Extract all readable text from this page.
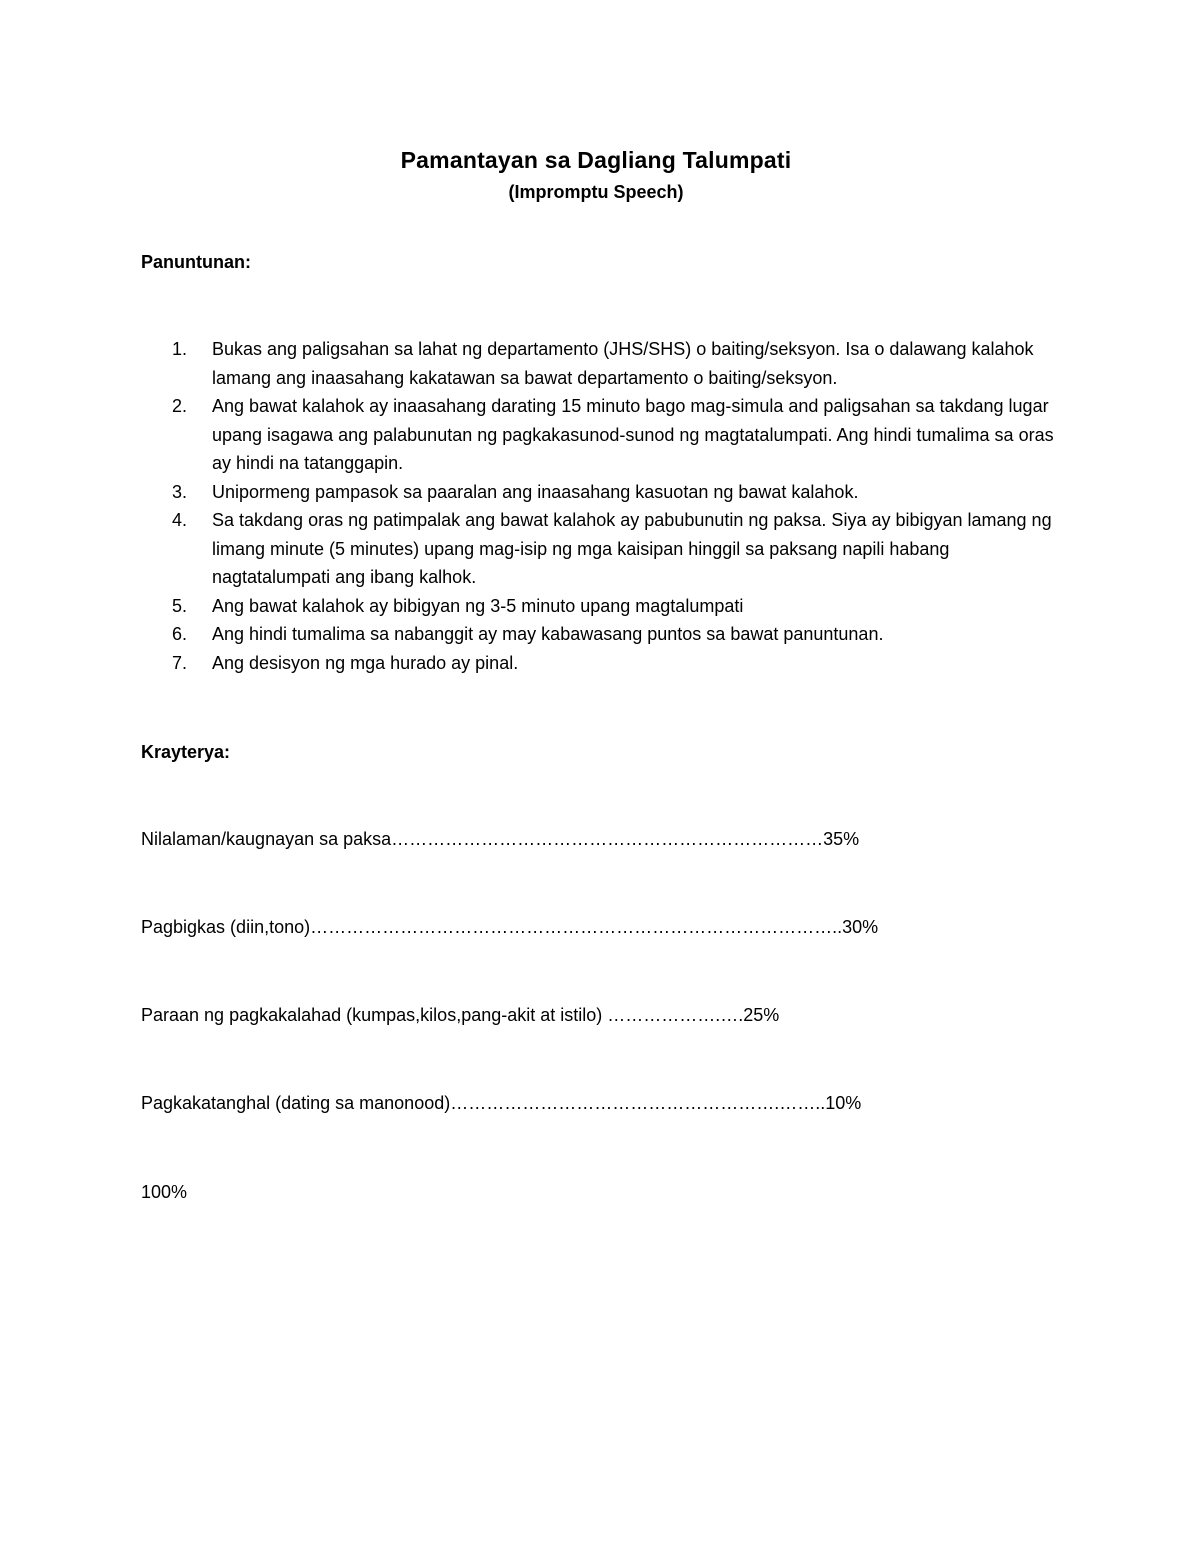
Pamantayan sa Dagliang Talumpati
(Impromptu Speech)
Panuntunan:
1. Bukas ang paligsahan sa lahat ng departamento (JHS/SHS) o baiting/seksyon. Isa o dalawang kalahok lamang ang inaasahang kakatawan sa bawat departamento o baiting/seksyon.
2. Ang bawat kalahok ay inaasahang darating 15 minuto bago mag-simula and paligsahan sa takdang lugar upang isagawa ang palabunutan ng pagkakasunod-sunod ng magtatalumpati. Ang hindi tumalima sa oras ay hindi na tatanggapin.
3. Unipormeng pampasok sa paaralan ang inaasahang kasuotan ng bawat kalahok.
4. Sa takdang oras ng patimpalak ang bawat kalahok ay pabubunutin ng paksa. Siya ay bibigyan lamang ng limang minute (5 minutes) upang mag-isip ng mga kaisipan hinggil sa paksang napili habang nagtatalumpati ang ibang kalhok.
5. Ang bawat kalahok ay bibigyan ng 3-5 minuto upang magtalumpati
6. Ang hindi tumalima sa nabanggit ay may kabawasang puntos sa bawat panuntunan.
7. Ang desisyon ng mga hurado ay pinal.
Krayterya:
Nilalaman/kaugnayan sa paksa………………………………………………………………35%
Pagbigkas (diin,tono)……………………………………………………………………………..30%
Paraan ng pagkakalahad (kumpas,kilos,pang-akit at istilo) ……………….….25%
Pagkakatanghal (dating sa manonood)……………………………………………….……..10%
100%
